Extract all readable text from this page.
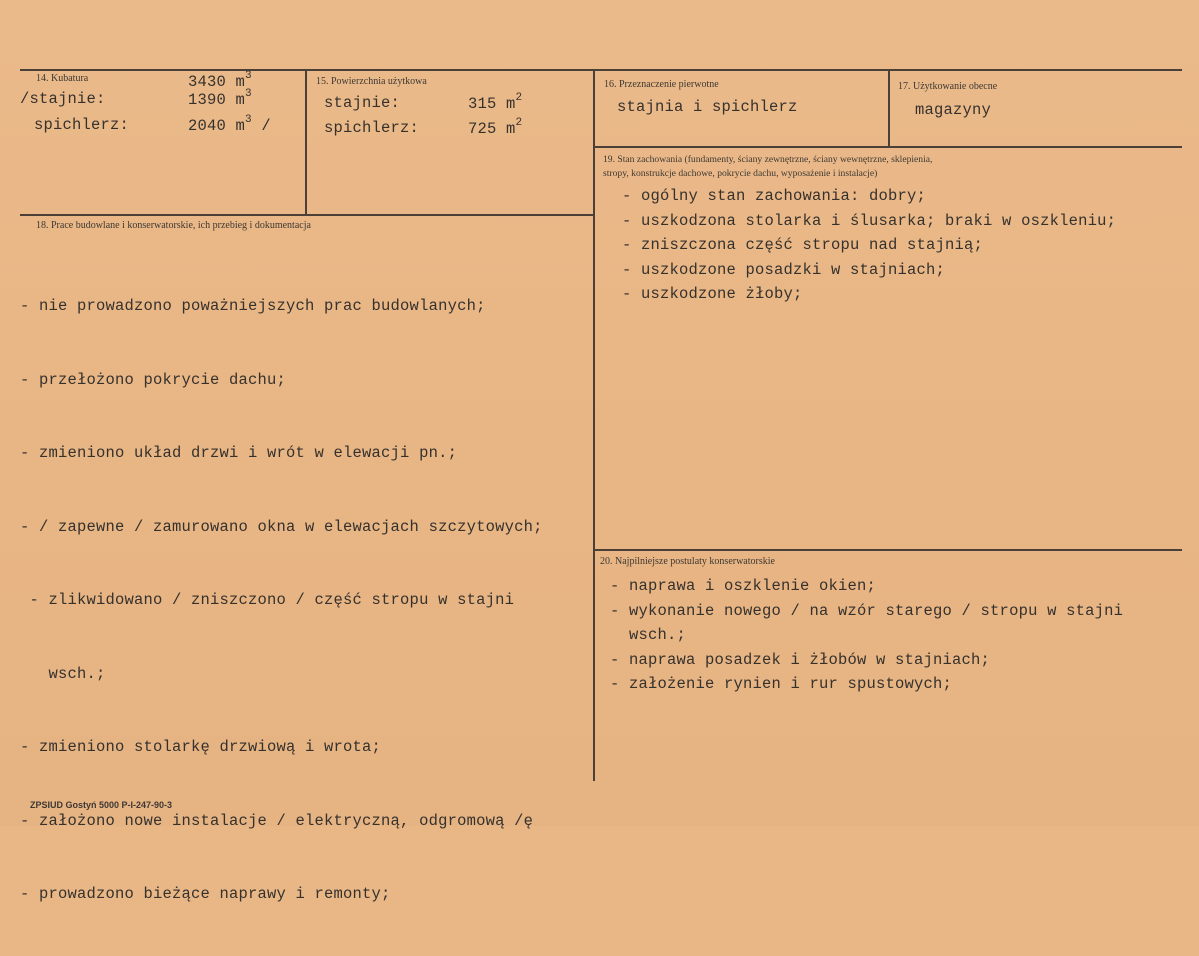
14. Kubatura	3430 $m^3$
/stajnie:	1390 $m^3$
spichlerz:	2040 $m^3$ /
15. Powierzchnia użytkowa
stajnie:	315 $m^2$
spichlerz:	725 $m^2$
16. Przeznaczenie pierwotne
stajnia i spichlerz
17. Użytkowanie obecne
magazyny
19. Stan zachowania (fundamenty, ściany zewnętrzne, ściany wewnętrzne, sklepienia,
stropy, konstrukcje dachowe, pokrycie dachu, wyposażenie i instalacje)
- ogólny stan zachowania: dobry;
- uszkodzona stolarka i ślusarka; braki w oszkleniu;
- zniszczona część stropu nad stajnią;
- uszkodzone posadzki w stajniach;
- uszkodzone żłoby;
18. Prace budowlane i konserwatorskie, ich przebieg i dokumentacja

- nie prowadzono poważniejszych prac budowlanych;

- przełożono pokrycie dachu;

- zmieniono układ drzwi i wrót w elewacji pn.;

- / zapewne / zamurowano okna w elewacjach szczytowych;

- zlikwidowano / zniszczono / część stropu w stajni

wsch.;

- zmieniono stolarkę drzwiową i wrota;

- założono nowe instalacje / elektryczną, odgromową /ę

- prowadzono bieżące naprawy i remonty;

20. Najpilniejsze postulaty konserwatorskie
- naprawa i oszklenie okien;
- wykonanie nowego / na wzór starego / stropu w stajni
wsch.;
- naprawa posadzek i żłobów w stajniach;
- założenie rynien i rur spustowych;
ZPSIUD Gostyń 5000 P-I-247-90-3
